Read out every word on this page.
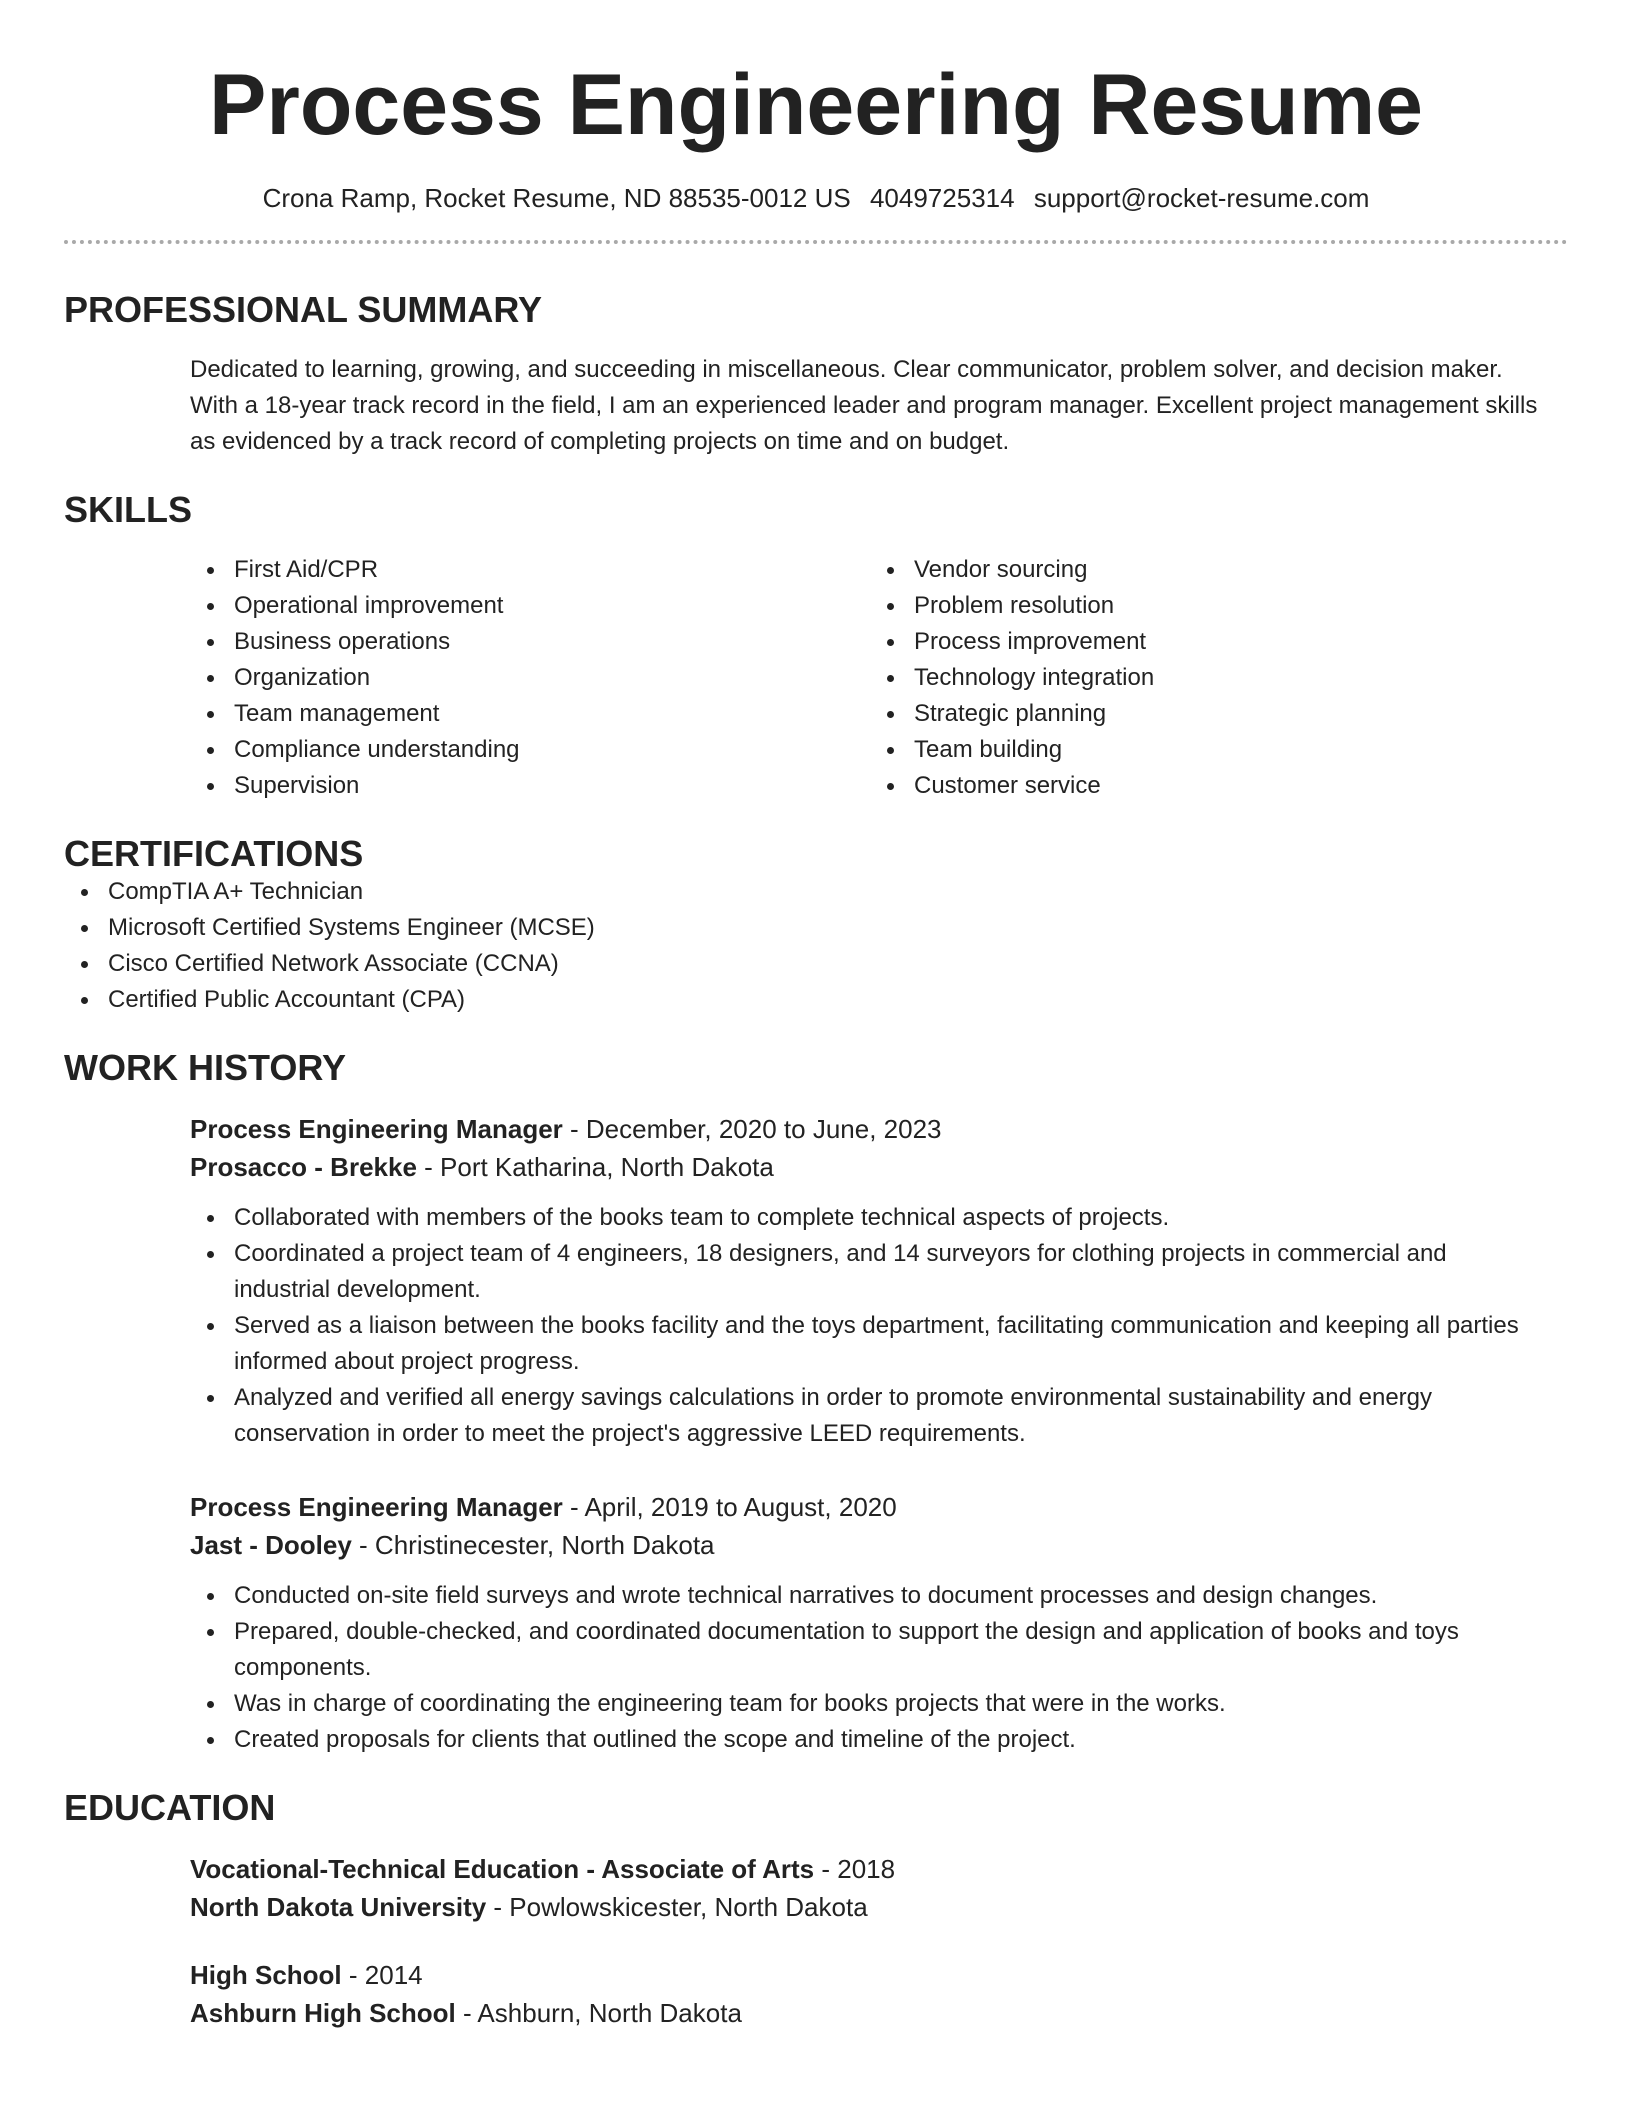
Process Engineering Resume
Crona Ramp, Rocket Resume, ND 88535-0012 US 4049725314 support@rocket-resume.com
PROFESSIONAL SUMMARY

Dedicated to learning, growing, and succeeding in miscellaneous. Clear communicator, problem solver, and decision maker. With a 18-year track record in the field, I am an experienced leader and program manager. Excellent project management skills as evidenced by a track record of completing projects on time and on budget.

SKILLS
First Aid/CPR
Operational improvement
Business operations
Organization
Team management
Compliance understanding
Supervision
Vendor sourcing
Problem resolution
Process improvement
Technology integration
Strategic planning
Team building
Customer service
CERTIFICATIONS
CompTIA A+ Technician
Microsoft Certified Systems Engineer (MCSE)
Cisco Certified Network Associate (CCNA)
Certified Public Accountant (CPA)
WORK HISTORY
Process Engineering Manager - December, 2020 to June, 2023
Prosacco - Brekke - Port Katharina, North Dakota
Collaborated with members of the books team to complete technical aspects of projects.
Coordinated a project team of 4 engineers, 18 designers, and 14 surveyors for clothing projects in commercial and industrial development.
Served as a liaison between the books facility and the toys department, facilitating communication and keeping all parties informed about project progress.
Analyzed and verified all energy savings calculations in order to promote environmental sustainability and energy conservation in order to meet the project's aggressive LEED requirements.
Process Engineering Manager - April, 2019 to August, 2020
Jast - Dooley - Christinecester, North Dakota
Conducted on-site field surveys and wrote technical narratives to document processes and design changes.
Prepared, double-checked, and coordinated documentation to support the design and application of books and toys components.
Was in charge of coordinating the engineering team for books projects that were in the works.
Created proposals for clients that outlined the scope and timeline of the project.
EDUCATION
Vocational-Technical Education - Associate of Arts - 2018
North Dakota University - Powlowskicester, North Dakota
High School - 2014
Ashburn High School - Ashburn, North Dakota
